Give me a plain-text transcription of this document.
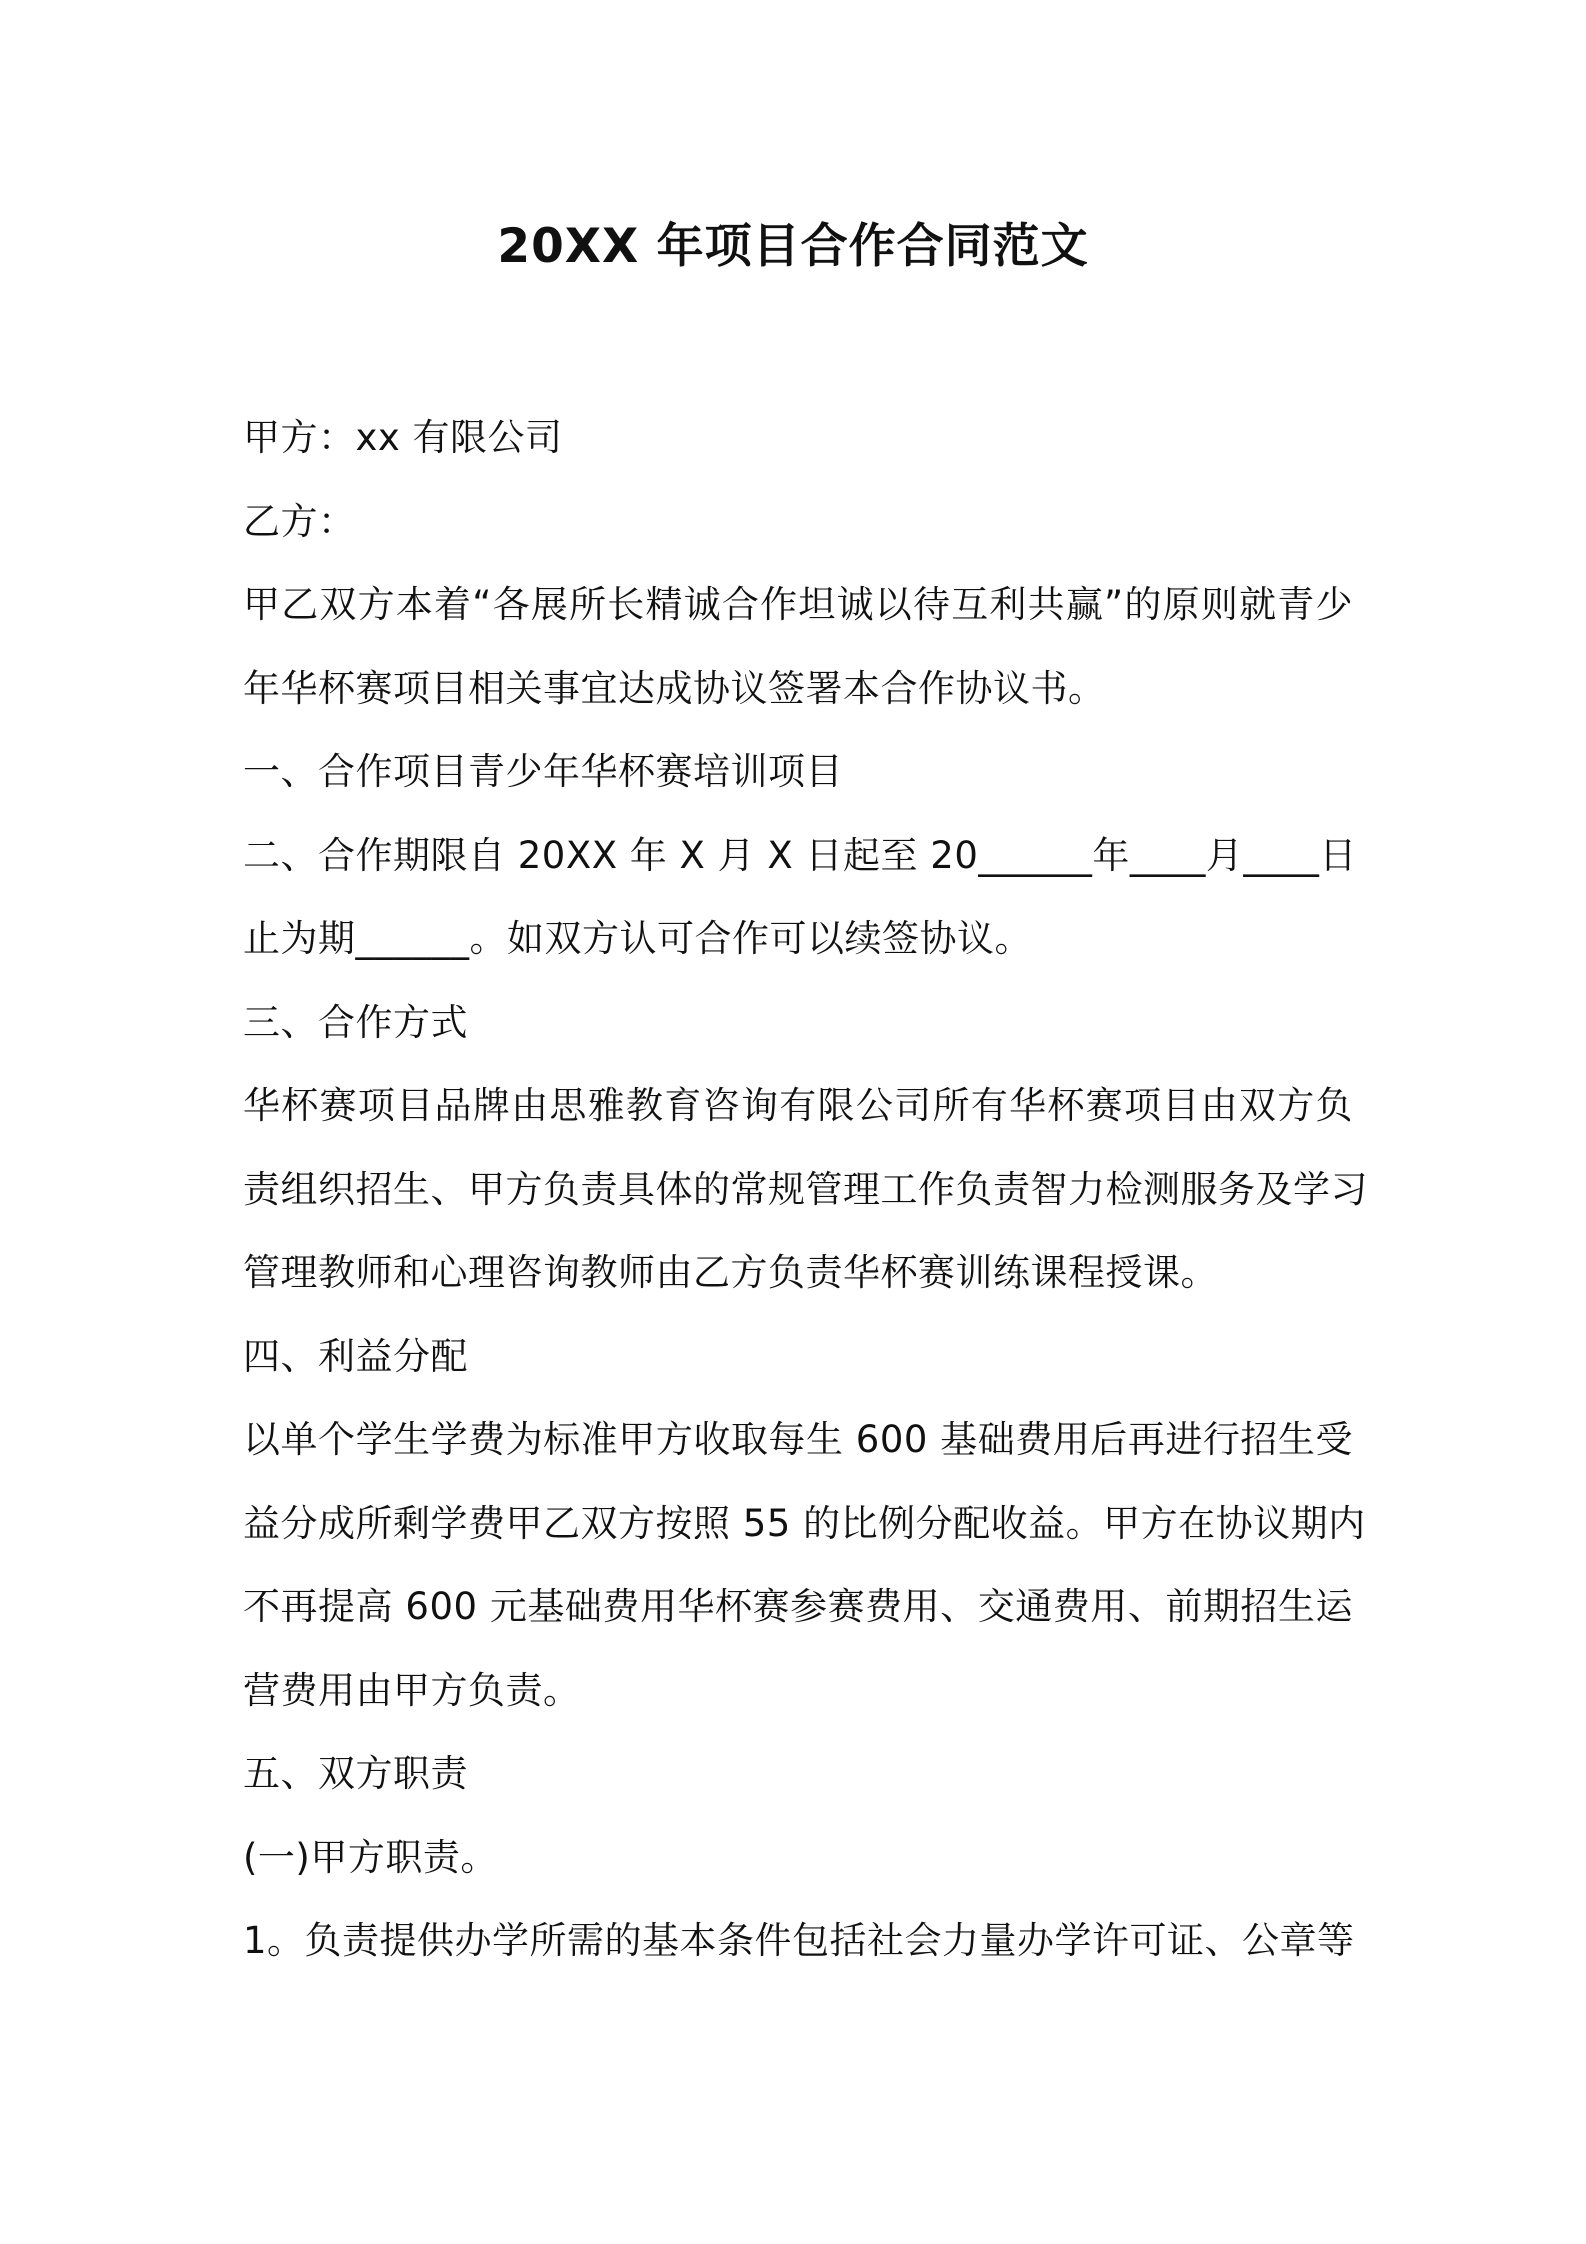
20XX 年项目合作合同范文
甲方：xx 有限公司
乙方：
甲乙双方本着“各展所长精诚合作坦诚以待互利共赢”的原则就青少
年华杯赛项目相关事宜达成协议签署本合作协议书。
一、合作项目青少年华杯赛培训项目
二、合作期限自 20XX 年 X 月 X 日起至 20______年____月____日
止为期______。如双方认可合作可以续签协议。
三、合作方式
华杯赛项目品牌由思雅教育咨询有限公司所有华杯赛项目由双方负
责组织招生、甲方负责具体的常规管理工作负责智力检测服务及学习
管理教师和心理咨询教师由乙方负责华杯赛训练课程授课。
四、利益分配
以单个学生学费为标准甲方收取每生 600 基础费用后再进行招生受
益分成所剩学费甲乙双方按照 55 的比例分配收益。甲方在协议期内
不再提高 600 元基础费用华杯赛参赛费用、交通费用、前期招生运
营费用由甲方负责。
五、双方职责
(一)甲方职责。
1。负责提供办学所需的基本条件包括社会力量办学许可证、公章等
